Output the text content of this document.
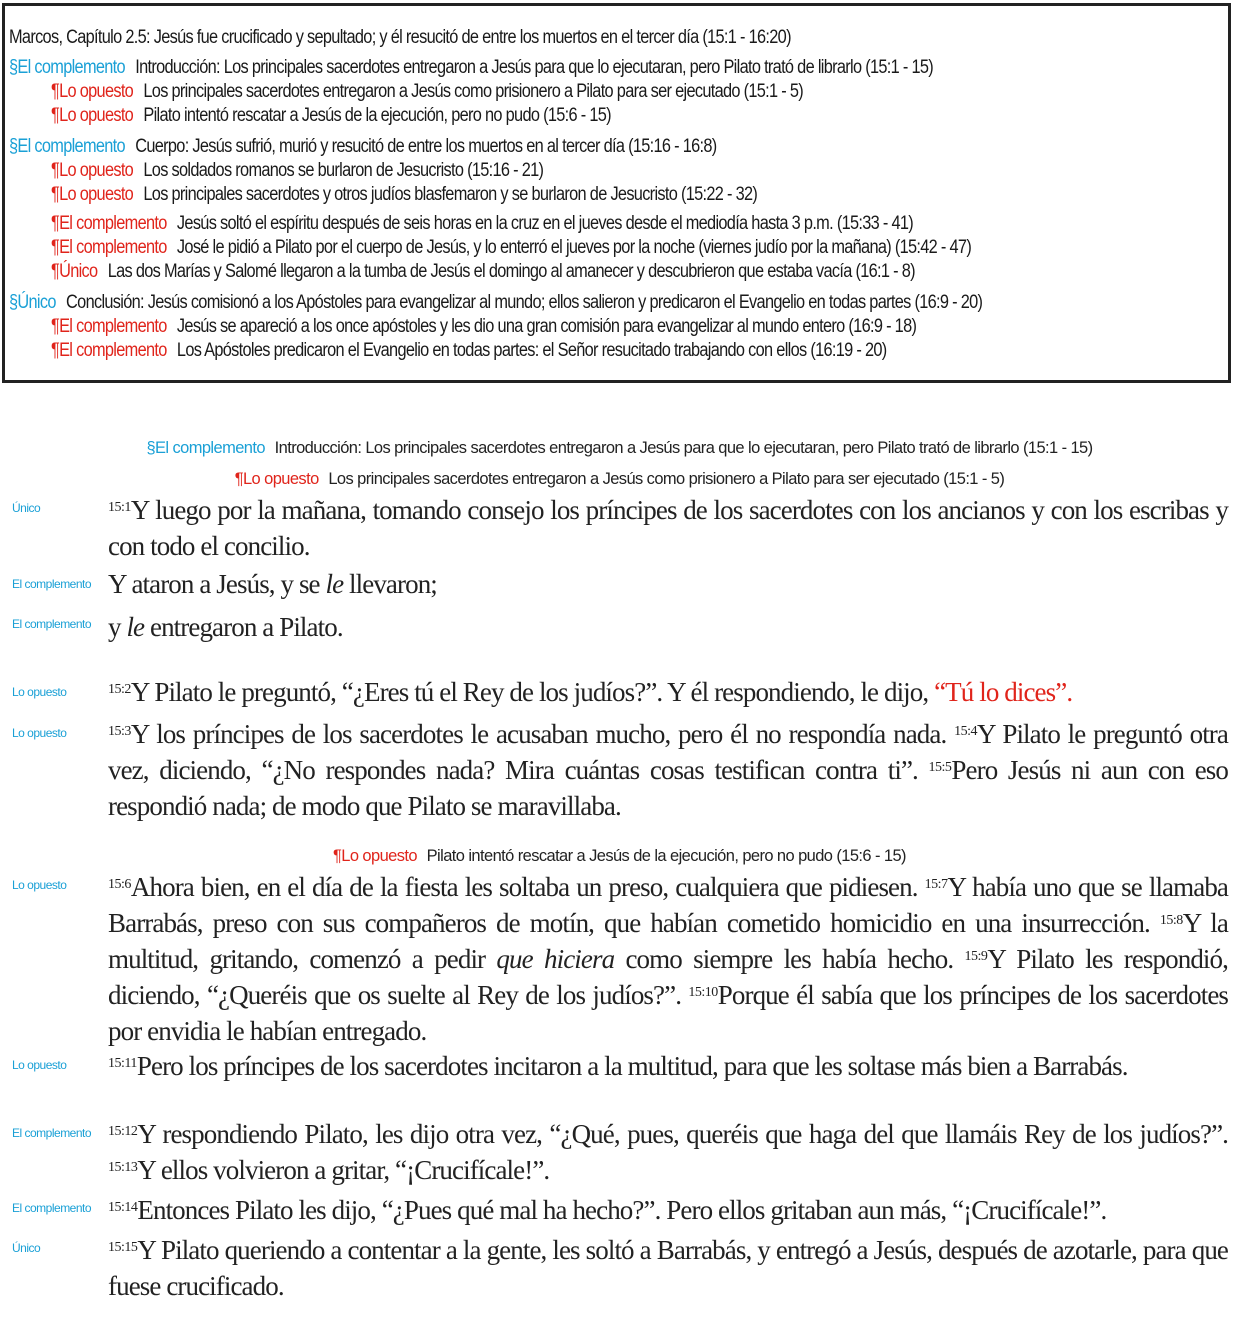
Marcos, Capítulo 2.5: Jesús fue crucificado y sepultado; y él resucitó de entre los muertos en el tercer día (15:1 - 16:20)
§El complemento Introducción: Los principales sacerdotes entregaron a Jesús para que lo ejecutaran, pero Pilato trató de librarlo (15:1 - 15)
¶Lo opuesto Los principales sacerdotes entregaron a Jesús como prisionero a Pilato para ser ejecutado (15:1 - 5)
¶Lo opuesto Pilato intentó rescatar a Jesús de la ejecución, pero no pudo (15:6 - 15)
§El complemento Cuerpo: Jesús sufrió, murió y resucitó de entre los muertos en al tercer día (15:16 - 16:8)
¶Lo opuesto Los soldados romanos se burlaron de Jesucristo (15:16 - 21)
¶Lo opuesto Los principales sacerdotes y otros judíos blasfemaron y se burlaron de Jesucristo (15:22 - 32)
¶El complemento Jesús soltó el espíritu después de seis horas en la cruz en el jueves desde el mediodía hasta 3 p.m. (15:33 - 41)
¶El complemento José le pidió a Pilato por el cuerpo de Jesús, y lo enterró el jueves por la noche (viernes judío por la mañana) (15:42 - 47)
¶Único Las dos Marías y Salomé llegaron a la tumba de Jesús el domingo al amanecer y descubrieron que estaba vacía (16:1 - 8)
§Único Conclusión: Jesús comisionó a los Apóstoles para evangelizar al mundo; ellos salieron y predicaron el Evangelio en todas partes (16:9 - 20)
¶El complemento Jesús se apareció a los once apóstoles y les dio una gran comisión para evangelizar al mundo entero (16:9 - 18)
¶El complemento Los Apóstoles predicaron el Evangelio en todas partes: el Señor resucitado trabajando con ellos (16:19 - 20)
§El complemento Introducción: Los principales sacerdotes entregaron a Jesús para que lo ejecutaran, pero Pilato trató de librarlo (15:1 - 15)
¶Lo opuesto Los principales sacerdotes entregaron a Jesús como prisionero a Pilato para ser ejecutado (15:1 - 5)
Único	$^{15:1}$Y luego por la mañana, tomando consejo los príncipes de los sacerdotes con los ancianos y con los escribas y con todo el concilio.
El complemento Y ataron a Jesús, y se le llevaron;
El complemento y le entregaron a Pilato.
Lo opuesto	$^{15:2}$Y Pilato le preguntó, “¿Eres tú el Rey de los judíos?”. Y él respondiendo, le dijo, “Tú lo dices”.
Lo opuesto	$^{15:3}$Y los príncipes de los sacerdotes le acusaban mucho, pero él no respondía nada. $^{15:4}$Y Pilato le preguntó otra vez, diciendo, “¿No respondes nada? Mira cuántas cosas testifican contra ti”. $^{15:5}$Pero Jesús ni aun con eso respondió nada; de modo que Pilato se maravillaba.
¶Lo opuesto Pilato intentó rescatar a Jesús de la ejecución, pero no pudo (15:6 - 15)
Lo opuesto	$^{15:6}$Ahora bien, en el día de la fiesta les soltaba un preso, cualquiera que pidiesen. $^{15:7}$Y había uno que se llamaba Barrabás, preso con sus compañeros de motín, que habían cometido homicidio en una insurrección. $^{15:8}$Y la multitud, gritando, comenzó a pedir que hiciera como siempre les había hecho. $^{15:9}$Y Pilato les respondió, diciendo, “¿Queréis que os suelte al Rey de los judíos?”. $^{15:10}$Porque él sabía que los príncipes de los sacerdotes por envidia le habían entregado.
Lo opuesto	$^{15:11}$Pero los príncipes de los sacerdotes incitaron a la multitud, para que les soltase más bien a Barrabás.
El complemento $^{15:12}$Y respondiendo Pilato, les dijo otra vez, “¿Qué, pues, queréis que haga del que llamáis Rey de los judíos?”. $^{15:13}$Y ellos volvieron a gritar, “¡Crucifícale!”.
El complemento $^{15:14}$Entonces Pilato les dijo, “¿Pues qué mal ha hecho?”. Pero ellos gritaban aun más, “¡Crucifícale!”.
Único	$^{15:15}$Y Pilato queriendo a contentar a la gente, les soltó a Barrabás, y entregó a Jesús, después de azotarle, para que fuese crucificado.
